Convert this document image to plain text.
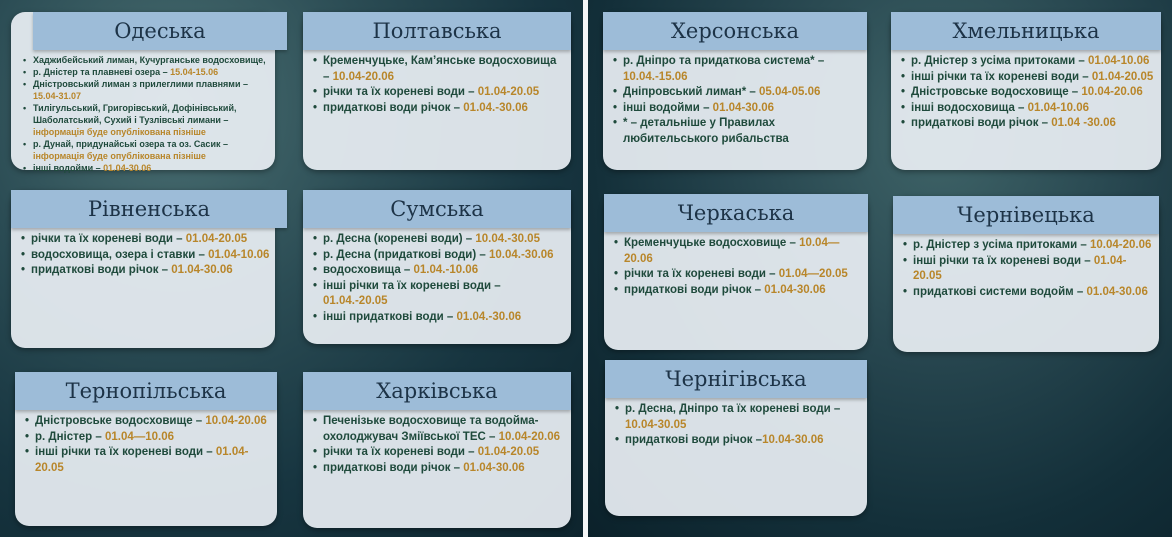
Одеська
• Хаджибейський лиман, Кучурганське водосховище,
• р. Дністер та плавневі озера – 15.04-15.06
• Дністровський лиман з прилеглими плавнями – 15.04-31.07
• Тилігульський, Григорівський, Дофінівський, Шаболатський, Сухий і Тузлівські лимани – інформація буде опублікована пізніше
• р. Дунай, придунайські озера та оз. Сасик – інформація буде опублікована пізніше
• інші водойми – 01.04-30.06
Полтавська
• Кременчуцьке, Кам’янське водосховища – 10.04-20.06
• річки та їх кореневі води – 01.04-20.05
• придаткові води річок – 01.04.-30.06
Рівненська
• річки та їх кореневі води – 01.04-20.05
• водосховища, озера і ставки – 01.04-10.06
• придаткові води річок – 01.04-30.06
Сумська
• р. Десна (кореневі води) – 10.04.-30.05
• р. Десна (придаткові води) – 10.04.-30.06
• водосховища – 01.04.-10.06
• інші річки та їх кореневі води – 01.04.-20.05
• інші придаткові води – 01.04.-30.06
Тернопільська
• Дністровське водосховище – 10.04-20.06
• р. Дністер – 01.04—10.06
• інші річки та їх кореневі води – 01.04-20.05
Харківська
• Печенізьке водосховище та водойма-охолоджувач Зміївської ТЕС – 10.04-20.06
• річки та їх кореневі води – 01.04-20.05
• придаткові води річок – 01.04-30.06
Херсонська
• р. Дніпро та придаткова система* – 10.04.-15.06
• Дніпровський лиман* – 05.04-05.06
• інші водойми – 01.04-30.06
• * – детальніше у Правилах любительського рибальства
Хмельницька
• р. Дністер з усіма притоками – 01.04-10.06
• інші річки та їх кореневі води – 01.04-20.05
• Дністровське водосховище – 10.04-20.06
• інші водосховища – 01.04-10.06
• придаткові води річок – 01.04 -30.06
Черкаська
• Кременчуцьке водосховище – 10.04—20.06
• річки та їх кореневі води – 01.04—20.05
• придаткові води річок – 01.04-30.06
Чернівецька
• р. Дністер з усіма притоками – 10.04-20.06
• інші річки та їх кореневі води – 01.04-20.05
• придаткові системи водойм – 01.04-30.06
Чернігівська
• р. Десна, Дніпро та їх кореневі води –10.04-30.05
• придаткові води річок –10.04-30.06
